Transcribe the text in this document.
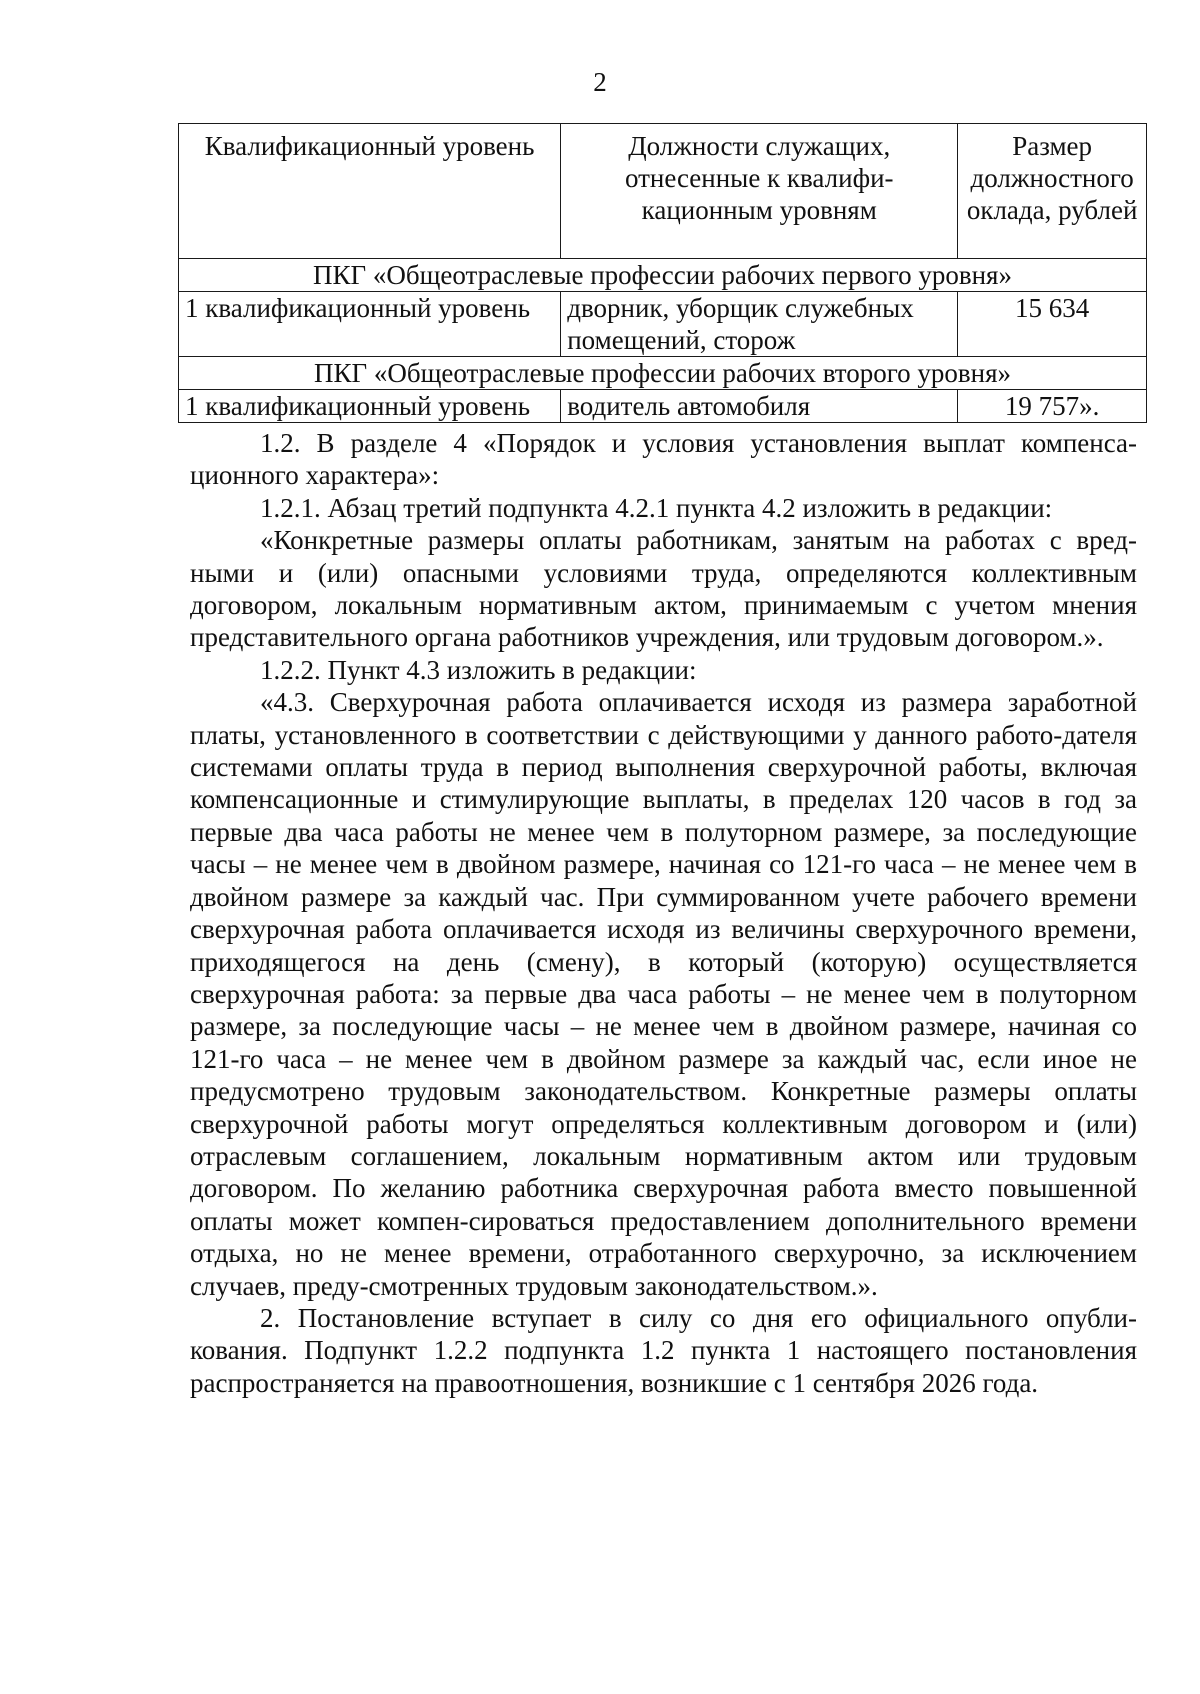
2
Квалификационный уровень	Должности служащих, отнесенные к квалифи-кационным уровням	Размер должностного оклада, рублей
ПКГ «Общеотраслевые профессии рабочих первого уровня»		
1 квалификационный уровень	дворник, уборщик служебных помещений, сторож	15 634
ПКГ «Общеотраслевые профессии рабочих второго уровня»		
1 квалификационный уровень	водитель автомобиля	19 757».

1.2. В разделе 4 «Порядок и условия установления выплат компенса-ционного характера»:

1.2.1. Абзац третий подпункта 4.2.1 пункта 4.2 изложить в редакции:

«Конкретные размеры оплаты работникам, занятым на работах с вред-ными и (или) опасными условиями труда, определяются коллективным договором, локальным нормативным актом, принимаемым с учетом мнения представительного органа работников учреждения, или трудовым договором.».

1.2.2. Пункт 4.3 изложить в редакции:

«4.3. Сверхурочная работа оплачивается исходя из размера заработной платы, установленного в соответствии с действующими у данного работо-дателя системами оплаты труда в период выполнения сверхурочной работы, включая компенсационные и стимулирующие выплаты, в пределах 120 часов в год за первые два часа работы не менее чем в полуторном размере, за последующие часы – не менее чем в двойном размере, начиная со 121-го часа – не менее чем в двойном размере за каждый час. При суммированном учете рабочего времени сверхурочная работа оплачивается исходя из величины сверхурочного времени, приходящегося на день (смену), в который (которую) осуществляется сверхурочная работа: за первые два часа работы – не менее чем в полуторном размере, за последующие часы – не менее чем в двойном размере, начиная со 121-го часа – не менее чем в двойном размере за каждый час, если иное не предусмотрено трудовым законодательством. Конкретные размеры оплаты сверхурочной работы могут определяться коллективным договором и (или) отраслевым соглашением, локальным нормативным актом или трудовым договором. По желанию работника сверхурочная работа вместо повышенной оплаты может компен-сироваться предоставлением дополнительного времени отдыха, но не менее времени, отработанного сверхурочно, за исключением случаев, преду-смотренных трудовым законодательством.».

2. Постановление вступает в силу со дня его официального опубли-кования. Подпункт 1.2.2 подпункта 1.2 пункта 1 настоящего постановления распространяется на правоотношения, возникшие с 1 сентября 2026 года.
